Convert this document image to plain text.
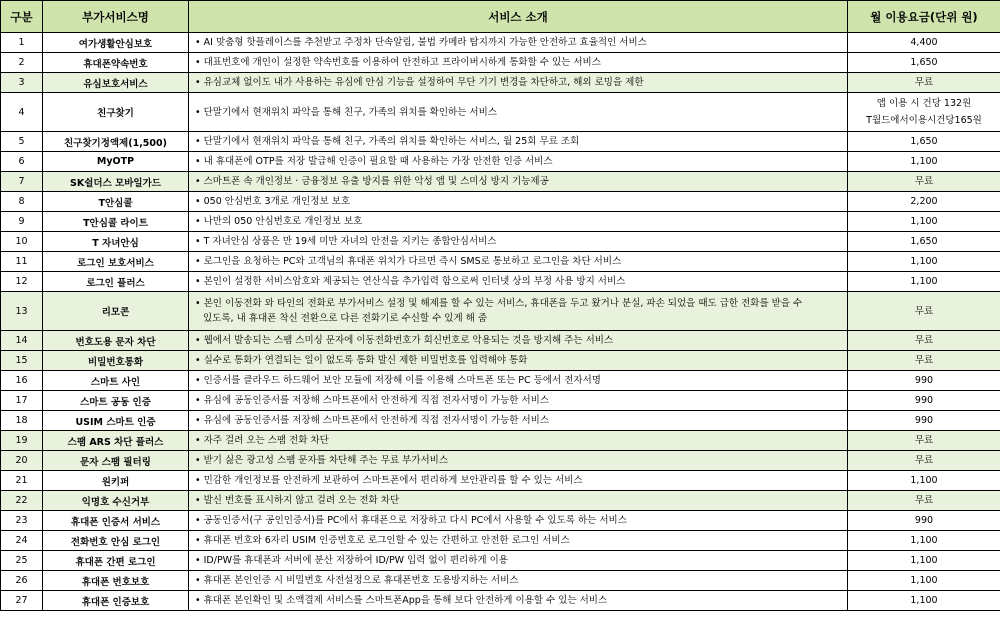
구분	부가서비스명	서비스 소개	월 이용요금(단위 원)
1	여가생활안심보호	• AI 맞춤형 핫플레이스를 추천받고 주정차 단속알림, 불법 카메라 탐지까지 가능한 안전하고 효율적인 서비스	4,400

2	휴대폰약속번호	• 대표번호에 개인이 설정한 약속번호를 이용하여 안전하고 프라이버시하게 통화할 수 있는 서비스	1,650

3	유심보호서비스	• 유심교체 없이도 내가 사용하는 유심에 안심 기능을 설정하여 무단 기기 변경을 차단하고, 해외 로밍을 제한	무료

4	친구찾기	• 단말기에서 현재위치 파악을 통해 친구, 가족의 위치를 확인하는 서비스	앱 이용 시 건당 132원
T월드에서이용시건당165원

5	친구찾기정액제(1,500)	• 단말기에서 현재위치 파악을 통해 친구, 가족의 위치를 확인하는 서비스, 월 25회 무료 조회	1,650

6	MyOTP	• 내 휴대폰에 OTP를 저장 발급해 인증이 필요할 때 사용하는 가장 안전한 인증 서비스	1,100

7	SK쉴더스 모바일가드	• 스마트폰 속 개인정보 · 금융정보 유출 방지를 위한 악성 앱 및 스미싱 방지 기능제공	무료

8	T안심콜	• 050 안심번호 3개로 개인정보 보호	2,200

9	T안심콜 라이트	• 나만의 050 안심번호로 개인정보 보호	1,100

10	T 자녀안심	• T 자녀안심 상품은 만 19세 미만 자녀의 안전을 지키는 종합안심서비스	1,650

11	로그인 보호서비스	• 로그인을 요청하는 PC와 고객님의 휴대폰 위치가 다르면 즉시 SMS로 통보하고 로그인을 차단 서비스	1,100

12	로그인 플러스	• 본인이 설정한 서비스암호와 제공되는 연산식을 추가입력 함으로써 인터넷 상의 부정 사용 방지 서비스	1,100

13	리모콘	• 본인 이동전화 와 타인의 전화로 부가서비스 설정 및 해제를 할 수 있는 서비스, 휴대폰을 두고 왔거나 분실, 파손 되었을 때도 급한 전화를 받을 수
있도록, 내 휴대폰 착신 전환으로 다른 전화기로 수신할 수 있게 해 줌	무료

14	번호도용 문자 차단	• 웹에서 발송되는 스팸 스미싱 문자에 이동전화번호가 회신번호로 악용되는 것을 방지해 주는 서비스	무료

15	비밀번호통화	• 실수로 통화가 연결되는 일이 없도록 통화 발신 제한 비밀번호를 입력해야 통화	무료

16	스마트 사인	• 인증서를 클라우드 하드웨어 보안 모듈에 저장해 이를 이용해 스마트폰 또는 PC 등에서 전자서명	990

17	스마트 공동 인증	• 유심에 공동인증서를 저장해 스마트폰에서 안전하게 직접 전자서명이 가능한 서비스	990

18	USIM 스마트 인증	• 유심에 공동인증서를 저장해 스마트폰에서 안전하게 직접 전자서명이 가능한 서비스	990

19	스팸 ARS 차단 플러스	• 자주 걸려 오는 스팸 전화 차단	무료

20	문자 스팸 필터링	• 받기 싫은 광고성 스팸 문자를 차단해 주는 무료 부가서비스	무료

21	원키퍼	• 민감한 개인정보를 안전하게 보관하여 스마트폰에서 편리하게 보안관리를 할 수 있는 서비스	1,100

22	익명호 수신거부	• 발신 번호를 표시하지 않고 걸려 오는 전화 차단	무료

23	휴대폰 인증서 서비스	• 공동인증서(구 공인인증서)를 PC에서 휴대폰으로 저장하고 다시 PC에서 사용할 수 있도록 하는 서비스	990

24	전화번호 안심 로그인	• 휴대폰 번호와 6자리 USIM 인증번호로 로그인할 수 있는 간편하고 안전한 로그인 서비스	1,100

25	휴대폰 간편 로그인	• ID/PW를 휴대폰과 서버에 분산 저장하여 ID/PW 입력 없이 편리하게 이용	1,100

26	휴대폰 번호보호	• 휴대폰 본인인증 시 비밀번호 사전설정으로 휴대폰번호 도용방지하는 서비스	1,100

27	휴대폰 인증보호	• 휴대폰 본인확인 및 소액결제 서비스를 스마트폰App을 통해 보다 안전하게 이용할 수 있는 서비스	1,100
